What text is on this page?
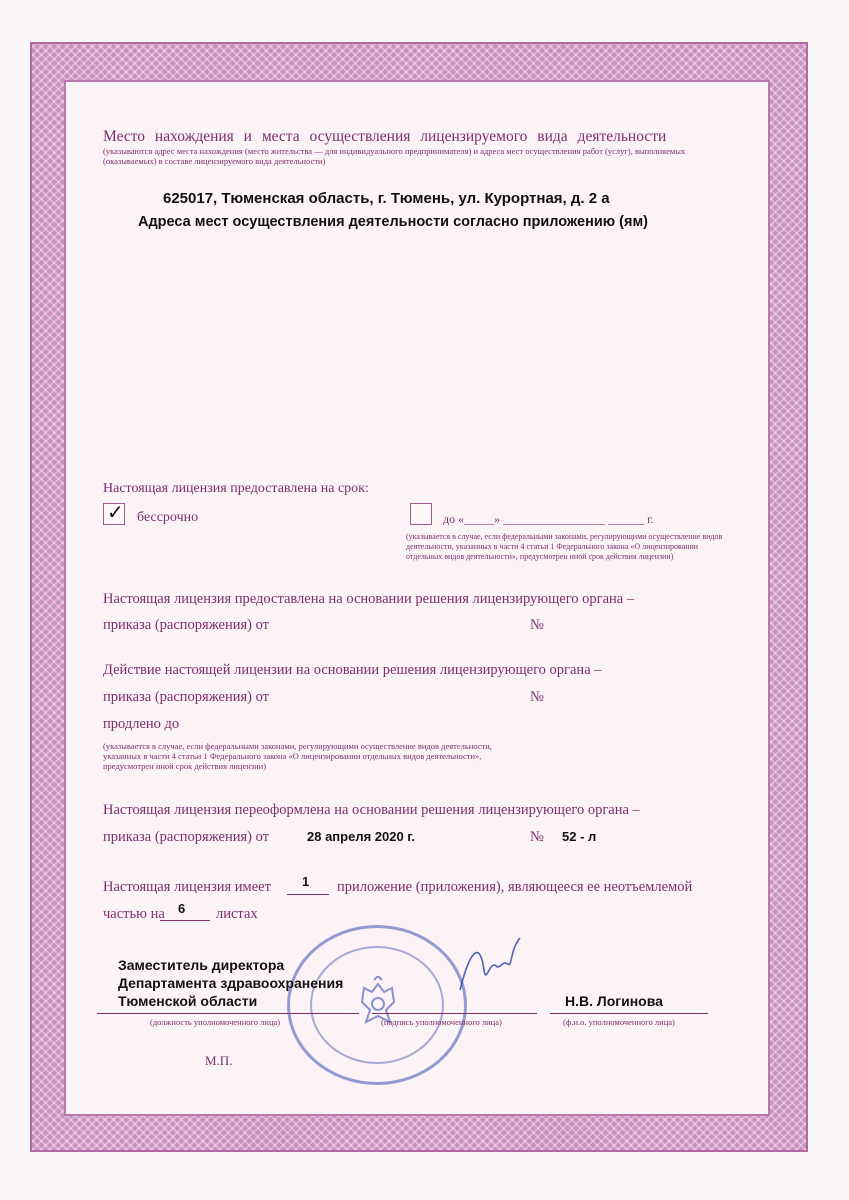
Место нахождения и места осуществления лицензируемого вида деятельности
(указываются адрес места нахождения (место жительства — для индивидуального предпринимателя) и адреса мест осуществления работ (услуг), выполняемых (оказываемых) в составе лицензируемого вида деятельности)
625017, Тюменская область, г. Тюмень, ул. Курортная, д. 2 а
Адреса мест осуществления деятельности согласно приложению (ям)
Настоящая лицензия предоставлена на срок:
✓ бессрочно	до «_____» _________________ ______ г.
(указывается в случае, если федеральными законами, регулирующими осуществление видов деятельности, указанных в части 4 статьи 1 Федерального закона «О лицензировании отдельных видов деятельности», предусмотрен иной срок действия лицензии)
Настоящая лицензия предоставлена на основании решения лицензирующего органа –
приказа (распоряжения) от	№
Действие настоящей лицензии на основании решения лицензирующего органа –
приказа (распоряжения) от	№
продлено до
(указывается в случае, если федеральными законами, регулирующими осуществление видов деятельности, указанных в части 4 статьи 1 Федерального закона «О лицензировании отдельных видов деятельности», предусмотрен иной срок действия лицензии)
Настоящая лицензия переоформлена на основании решения лицензирующего органа –
приказа (распоряжения) от	28 апреля 2020 г.	№ 52 - л
Настоящая лицензия имеет 1 приложение (приложения), являющееся ее неотъемлемой
частью на 6 листах
Заместитель директора
Департамента здравоохранения
Тюменской области	Н.В. Логинова
(должность уполномоченного лица)	(подпись уполномоченного лица)	(ф.и.о. уполномоченного лица)
М.П.
